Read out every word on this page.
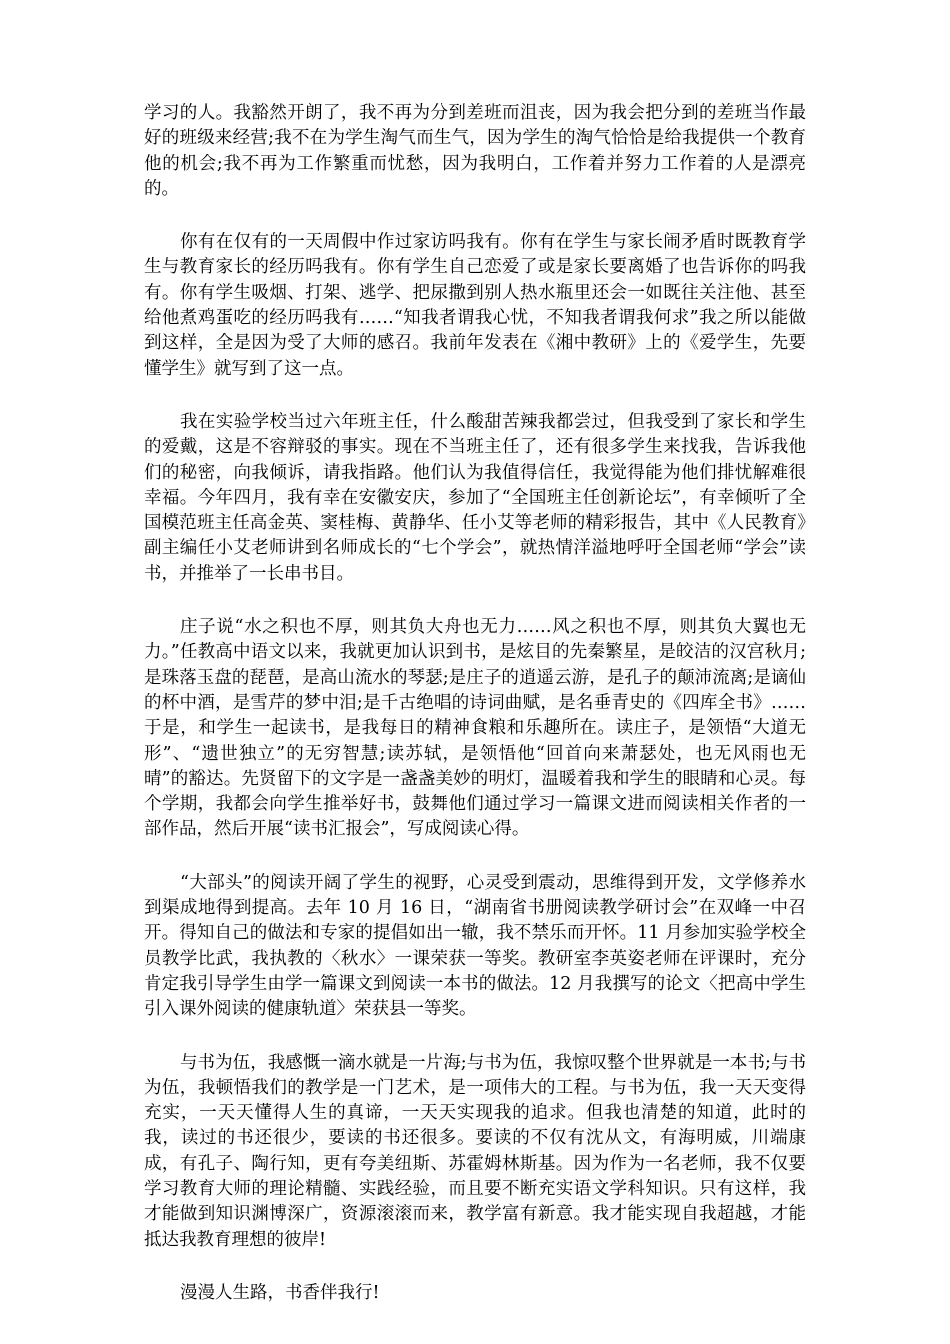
学习的人。我豁然开朗了，我不再为分到差班而沮丧，因为我会把分到的差班当作最好的班级来经营;我不在为学生淘气而生气，因为学生的淘气恰恰是给我提供一个教育他的机会;我不再为工作繁重而忧愁，因为我明白，工作着并努力工作着的人是漂亮的。

你有在仅有的一天周假中作过家访吗我有。你有在学生与家长闹矛盾时既教育学生与教育家长的经历吗我有。你有学生自己恋爱了或是家长要离婚了也告诉你的吗我有。你有学生吸烟、打架、逃学、把尿撒到别人热水瓶里还会一如既往关注他、甚至给他煮鸡蛋吃的经历吗我有……“知我者谓我心忧，不知我者谓我何求”我之所以能做到这样，全是因为受了大师的感召。我前年发表在《湘中教研》上的《爱学生，先要懂学生》就写到了这一点。

我在实验学校当过六年班主任，什么酸甜苦辣我都尝过，但我受到了家长和学生的爱戴，这是不容辩驳的事实。现在不当班主任了，还有很多学生来找我，告诉我他们的秘密，向我倾诉，请我指路。他们认为我值得信任，我觉得能为他们排忧解难很幸福。今年四月，我有幸在安徽安庆，参加了“全国班主任创新论坛”，有幸倾听了全国模范班主任高金英、窦桂梅、黄静华、任小艾等老师的精彩报告，其中《人民教育》副主编任小艾老师讲到名师成长的“七个学会”，就热情洋溢地呼吁全国老师“学会”读书，并推举了一长串书目。

庄子说“水之积也不厚，则其负大舟也无力……风之积也不厚，则其负大翼也无力。”任教高中语文以来，我就更加认识到书，是炫目的先秦繁星，是皎洁的汉宫秋月;是珠落玉盘的琵琶，是高山流水的琴瑟;是庄子的逍遥云游，是孔子的颠沛流离;是谪仙的杯中酒，是雪芹的梦中泪;是千古绝唱的诗词曲赋，是名垂青史的《四库全书》……于是，和学生一起读书，是我每日的精神食粮和乐趣所在。读庄子，是领悟“大道无形”、“遗世独立”的无穷智慧;读苏轼，是领悟他“回首向来萧瑟处，也无风雨也无晴”的豁达。先贤留下的文字是一盏盏美妙的明灯，温暖着我和学生的眼睛和心灵。每个学期，我都会向学生推举好书，鼓舞他们通过学习一篇课文进而阅读相关作者的一部作品，然后开展“读书汇报会”，写成阅读心得。

“大部头”的阅读开阔了学生的视野，心灵受到震动，思维得到开发，文学修养水到渠成地得到提高。去年 10 月 16 日，“湖南省书册阅读教学研讨会”在双峰一中召开。得知自己的做法和专家的提倡如出一辙，我不禁乐而开怀。11 月参加实验学校全员教学比武，我执教的〈秋水〉一课荣获一等奖。教研室李英姿老师在评课时，充分肯定我引导学生由学一篇课文到阅读一本书的做法。12 月我撰写的论文〈把高中学生引入课外阅读的健康轨道〉荣获县一等奖。

与书为伍，我感慨一滴水就是一片海;与书为伍，我惊叹整个世界就是一本书;与书为伍，我顿悟我们的教学是一门艺术，是一项伟大的工程。与书为伍，我一天天变得充实，一天天懂得人生的真谛，一天天实现我的追求。但我也清楚的知道，此时的我，读过的书还很少，要读的书还很多。要读的不仅有沈从文，有海明威，川端康成，有孔子、陶行知，更有夸美纽斯、苏霍姆林斯基。因为作为一名老师，我不仅要学习教育大师的理论精髓、实践经验，而且要不断充实语文学科知识。只有这样，我才能做到知识渊博深广，资源滚滚而来，教学富有新意。我才能实现自我超越，才能抵达我教育理想的彼岸!

漫漫人生路，书香伴我行!
